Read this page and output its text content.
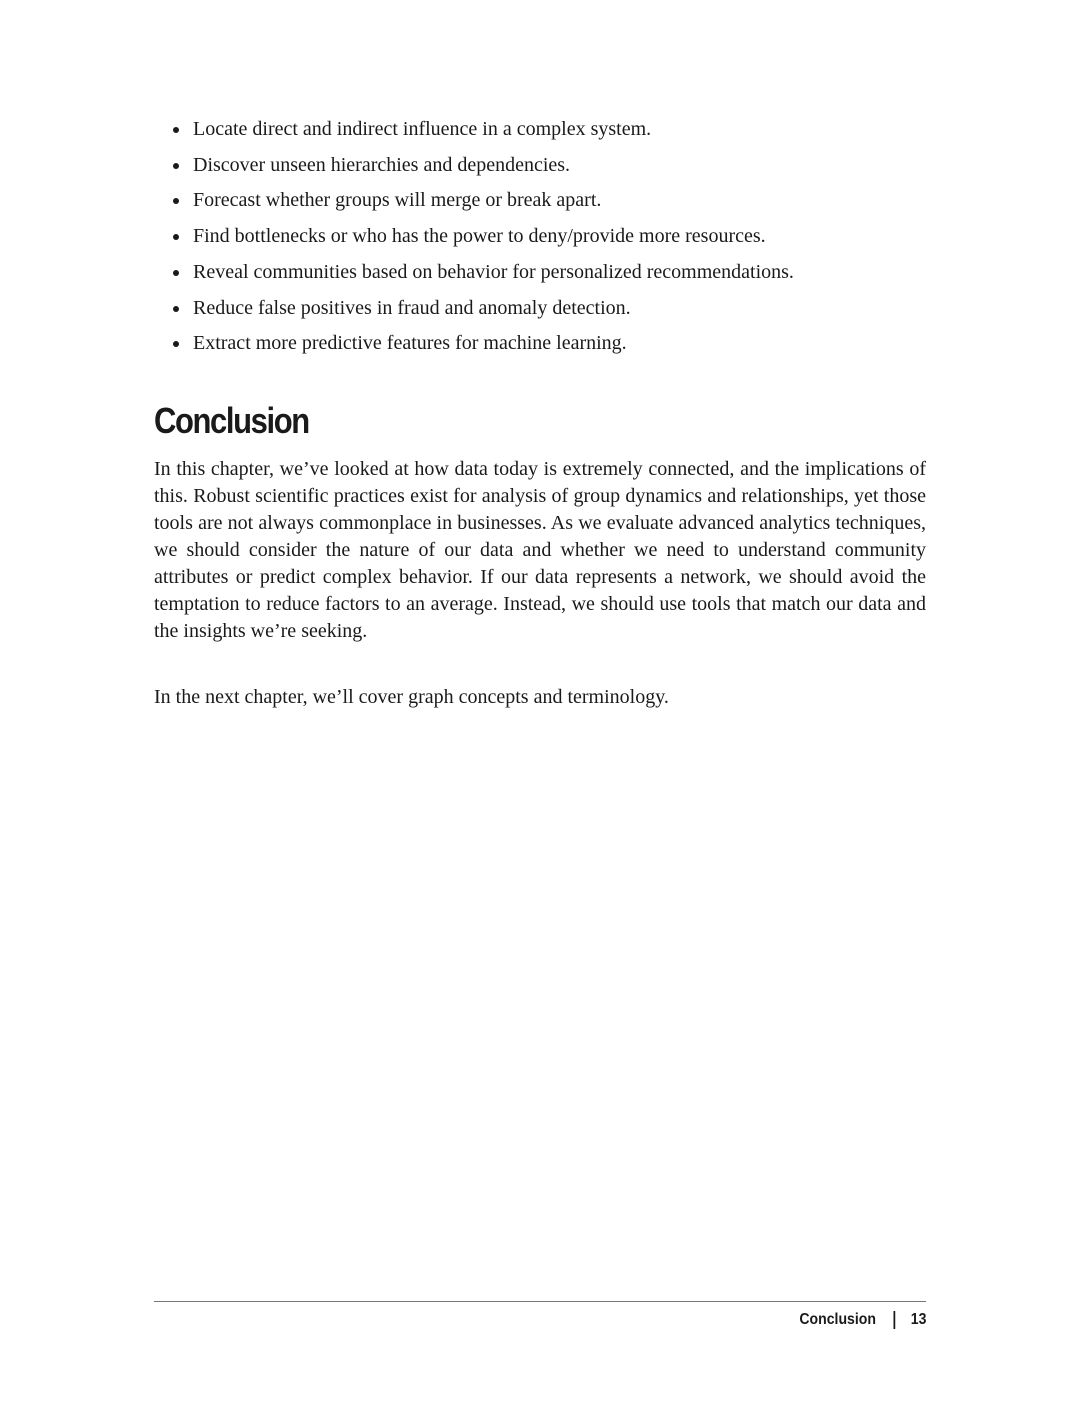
Locate direct and indirect influence in a complex system.
Discover unseen hierarchies and dependencies.
Forecast whether groups will merge or break apart.
Find bottlenecks or who has the power to deny/provide more resources.
Reveal communities based on behavior for personalized recommendations.
Reduce false positives in fraud and anomaly detection.
Extract more predictive features for machine learning.
Conclusion

In this chapter, we’ve looked at how data today is extremely connected, and the implications of this. Robust scientific practices exist for analysis of group dynamics and relationships, yet those tools are not always commonplace in businesses. As we evaluate advanced analytics techniques, we should consider the nature of our data and whether we need to understand community attributes or predict complex behavior. If our data represents a network, we should avoid the temptation to reduce factors to an average. Instead, we should use tools that match our data and the insights we’re seeking.

In the next chapter, we’ll cover graph concepts and terminology.

Conclusion 13
